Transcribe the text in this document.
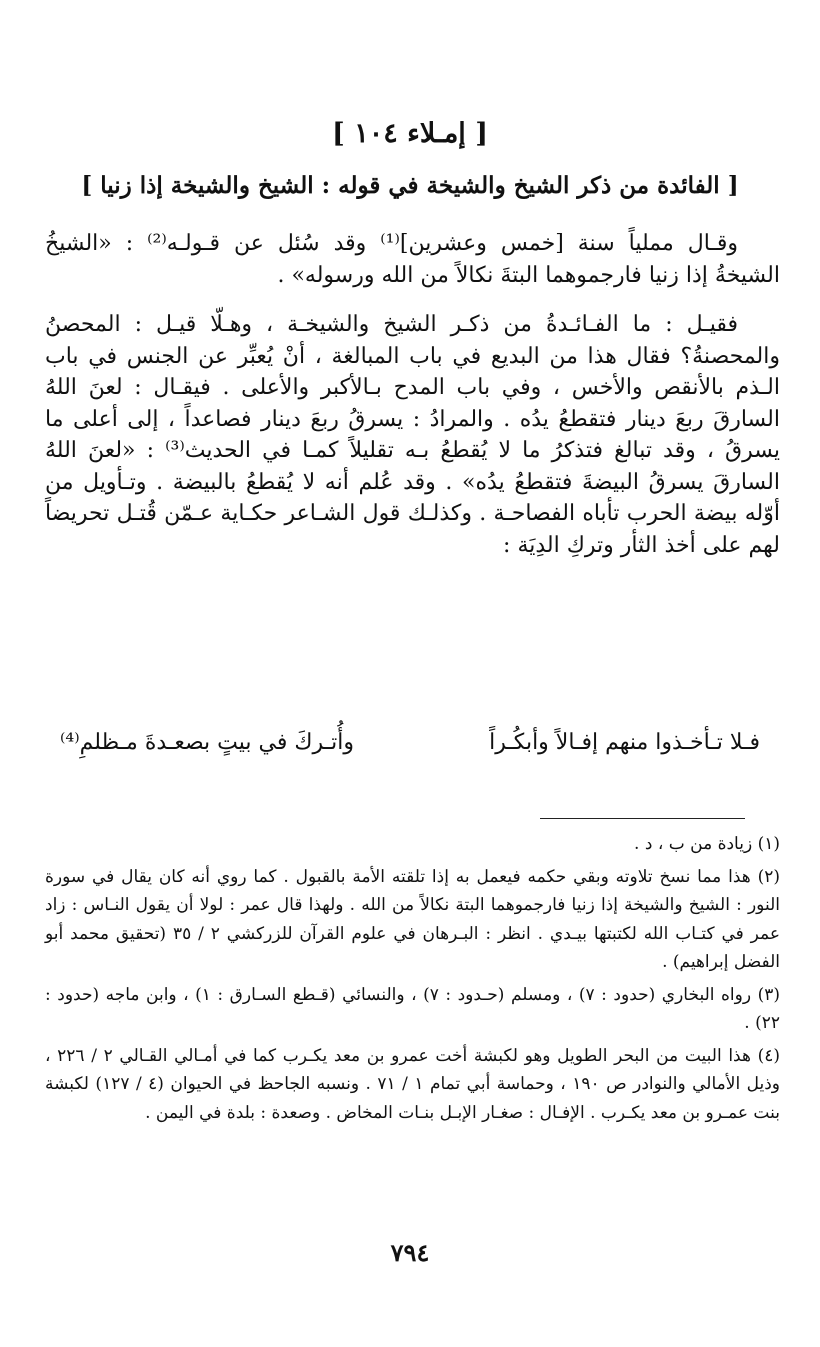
[ إمـلاء ١٠٤ ]
[ الفائدة من ذكر الشيخ والشيخة في قوله : الشيخ والشيخة إذا زنيا ]

وقـال مملياً سنة [خمس وعشرين]⁽¹⁾ وقد سُئل عن قـولـه⁽²⁾ : «الشيخُ الشيخةُ إذا زنيا فارجموهما البتةَ نكالاً من الله ورسوله» .

فقيـل : ما الفـائـدةُ من ذكـر الشيخ والشيخـة ، وهـلّا قيـل : المحصنُ والمحصنةُ؟ فقال هذا من البديع في باب المبالغة ، أنْ يُعبِّر عن الجنس في باب الـذم بالأنقص والأخس ، وفي باب المدح بـالأكبر والأعلى . فيقـال : لعنَ اللهُ السارقَ ربعَ دينار فتقطعُ يدُه . والمرادُ : يسرقُ ربعَ دينار فصاعداً ، إلى أعلى ما يسرقُ ، وقد تبالغ فتذكرُ ما لا يُقطعُ بـه تقليلاً كمـا في الحديث⁽³⁾ : «لعنَ اللهُ السارقَ يسرقُ البيضةَ فتقطعُ يدُه» . وقد عُلم أنه لا يُقطعُ بالبيضة . وتـأويل من أوّله بيضة الحرب تأباه الفصاحـة . وكذلـك قول الشـاعر حكـاية عـمّن قُتـل تحريضاً لهم على أخذ الثأر وتركِ الدِيَة :

فـلا تـأخـذوا منهم إفـالاً وأبكُـراً
وأُتـركَ في بيتٍ بصعـدةَ مـظلمِ⁽⁴⁾
(١) زيادة من ب ، د .
(٢) هذا مما نسخ تلاوته وبقي حكمه فيعمل به إذا تلقته الأمة بالقبول . كما روي أنه كان يقال في سورة النور : الشيخ والشيخة إذا زنيا فارجموهما البتة نكالاً من الله . ولهذا قال عمر : لولا أن يقول النـاس : زاد عمر في كتـاب الله لكتبتها بيـدي . انظر : البـرهان في علوم القرآن للزركشي ٢ / ٣٥ (تحقيق محمد أبو الفضل إبراهيم) .
(٣) رواه البخاري (حدود : ٧) ، ومسلم (حـدود : ٧) ، والنسائي (قـطع السـارق : ١) ، وابن ماجه (حدود : ٢٢) .
(٤) هذا البيت من البحر الطويل وهو لكبشة أخت عمرو بن معد يكـرب كما في أمـالي القـالي ٢ / ٢٢٦ ، وذيل الأمالي والنوادر ص ١٩٠ ، وحماسة أبي تمام ١ / ٧١ . ونسبه الجاحظ في الحيوان (٤ / ١٢٧) لكبشة بنت عمـرو بن معد يكـرب . الإفـال : صغـار الإبـل بنـات المخاض . وصعدة : بلدة في اليمن .
٧٩٤
